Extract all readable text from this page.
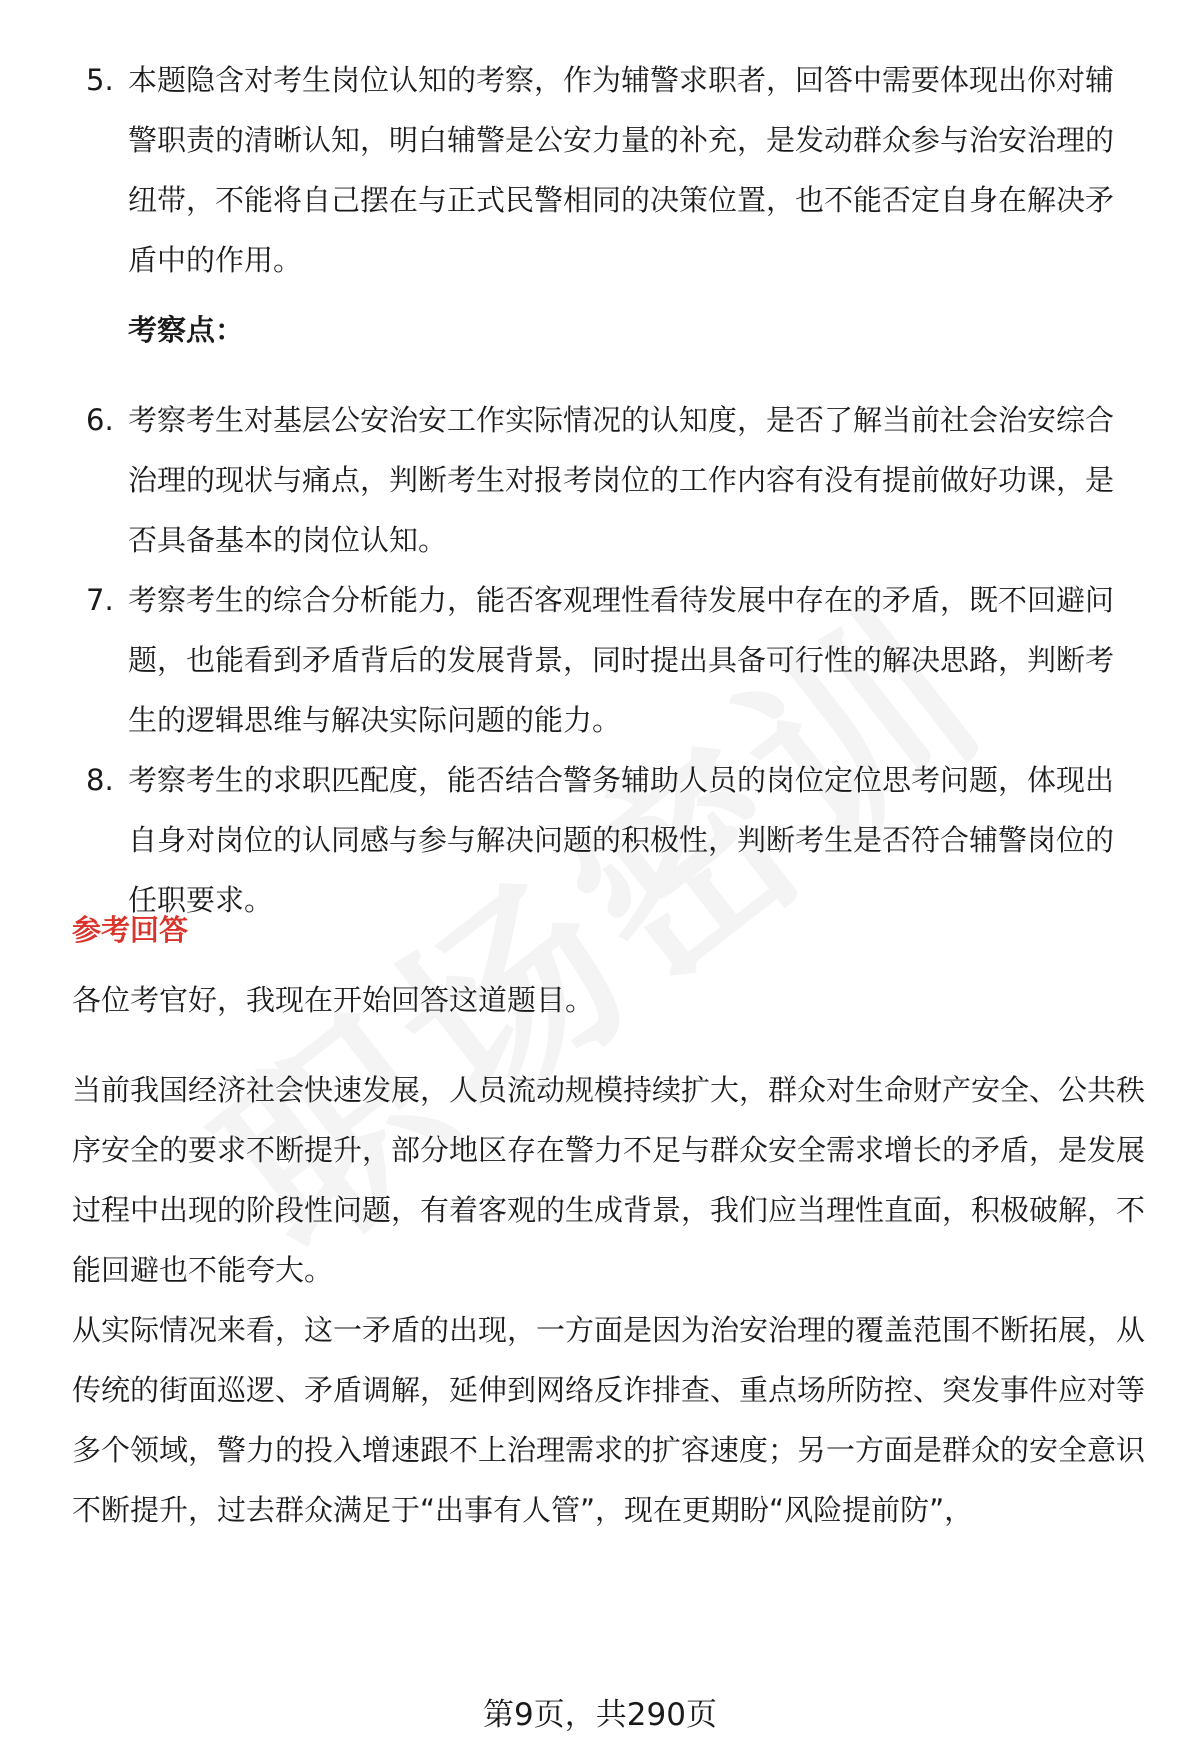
5. 本题隐含对考生岗位认知的考察，作为辅警求职者，回答中需要体现出你对辅警职责的清晰认知，明白辅警是公安力量的补充，是发动群众参与治安治理的纽带，不能将自己摆在与正式民警相同的决策位置，也不能否定自身在解决矛盾中的作用。
考察点：
6. 考察考生对基层公安治安工作实际情况的认知度，是否了解当前社会治安综合治理的现状与痛点，判断考生对报考岗位的工作内容有没有提前做好功课，是否具备基本的岗位认知。
7. 考察考生的综合分析能力，能否客观理性看待发展中存在的矛盾，既不回避问题，也能看到矛盾背后的发展背景，同时提出具备可行性的解决思路，判断考生的逻辑思维与解决实际问题的能力。
8. 考察考生的求职匹配度，能否结合警务辅助人员的岗位定位思考问题，体现出自身对岗位的认同感与参与解决问题的积极性，判断考生是否符合辅警岗位的任职要求。
参考回答
各位考官好，我现在开始回答这道题目。
当前我国经济社会快速发展，人员流动规模持续扩大，群众对生命财产安全、公共秩序安全的要求不断提升，部分地区存在警力不足与群众安全需求增长的矛盾，是发展过程中出现的阶段性问题，有着客观的生成背景，我们应当理性直面，积极破解，不能回避也不能夸大。
从实际情况来看，这一矛盾的出现，一方面是因为治安治理的覆盖范围不断拓展，从传统的街面巡逻、矛盾调解，延伸到网络反诈排查、重点场所防控、突发事件应对等多个领域，警力的投入增速跟不上治理需求的扩容速度；另一方面是群众的安全意识不断提升，过去群众满足于“出事有人管”，现在更期盼“风险提前防”，
第9页，共290页
